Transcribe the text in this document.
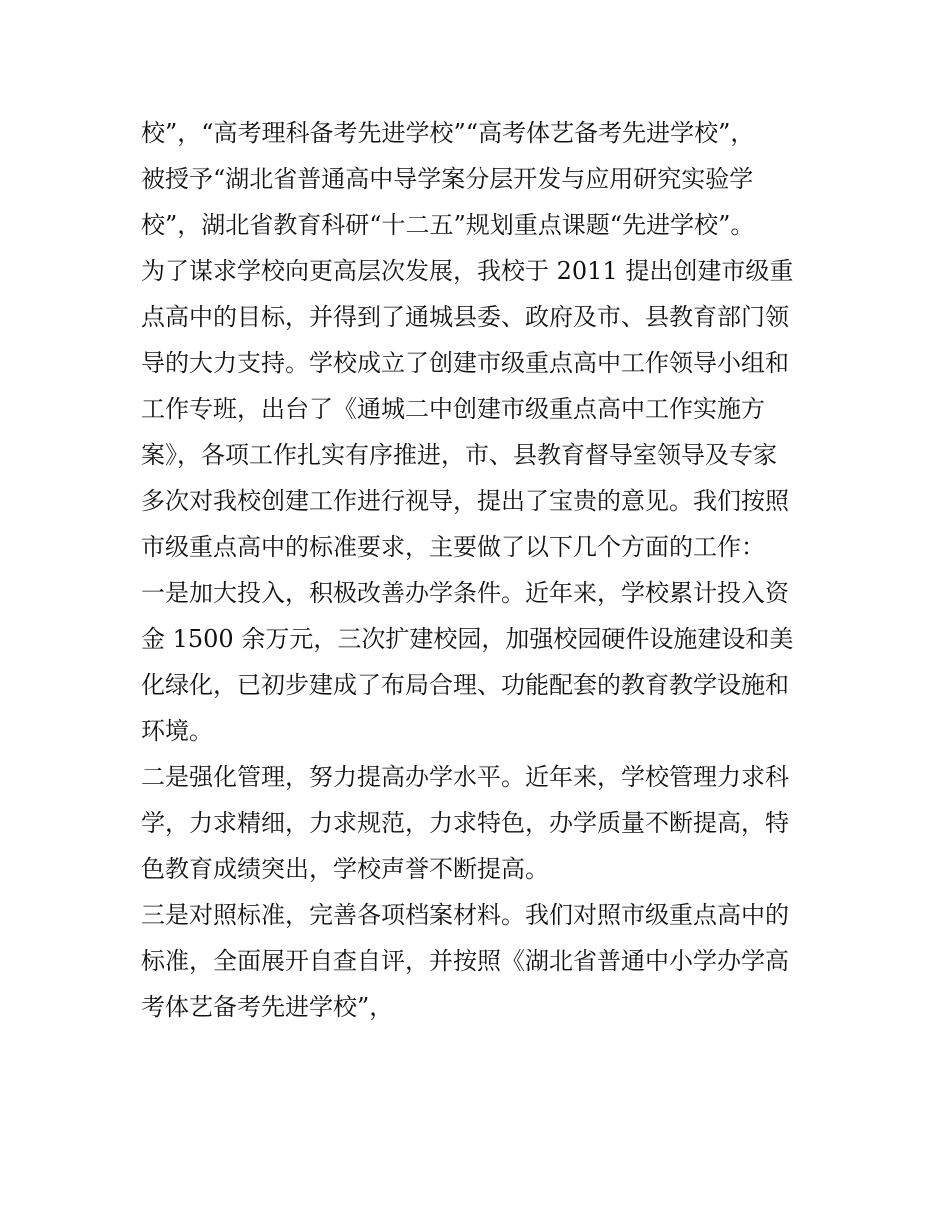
校”，“高考理科备考先进学校”“高考体艺备考先进学校”，
被授予“湖北省普通高中导学案分层开发与应用研究实验学
校”，湖北省教育科研“十二五”规划重点课题“先进学校”。
为了谋求学校向更高层次发展，我校于 2011 提出创建市级重
点高中的目标，并得到了通城县委、政府及市、县教育部门领
导的大力支持。学校成立了创建市级重点高中工作领导小组和
工作专班，出台了《通城二中创建市级重点高中工作实施方
案》，各项工作扎实有序推进，市、县教育督导室领导及专家
多次对我校创建工作进行视导，提出了宝贵的意见。我们按照
市级重点高中的标准要求，主要做了以下几个方面的工作：
一是加大投入，积极改善办学条件。近年来，学校累计投入资
金 1500 余万元，三次扩建校园，加强校园硬件设施建设和美
化绿化，已初步建成了布局合理、功能配套的教育教学设施和
环境。
二是强化管理，努力提高办学水平。近年来，学校管理力求科
学，力求精细，力求规范，力求特色，办学质量不断提高，特
色教育成绩突出，学校声誉不断提高。
三是对照标准，完善各项档案材料。我们对照市级重点高中的
标准，全面展开自查自评，并按照《湖北省普通中小学办学高
考体艺备考先进学校”，
